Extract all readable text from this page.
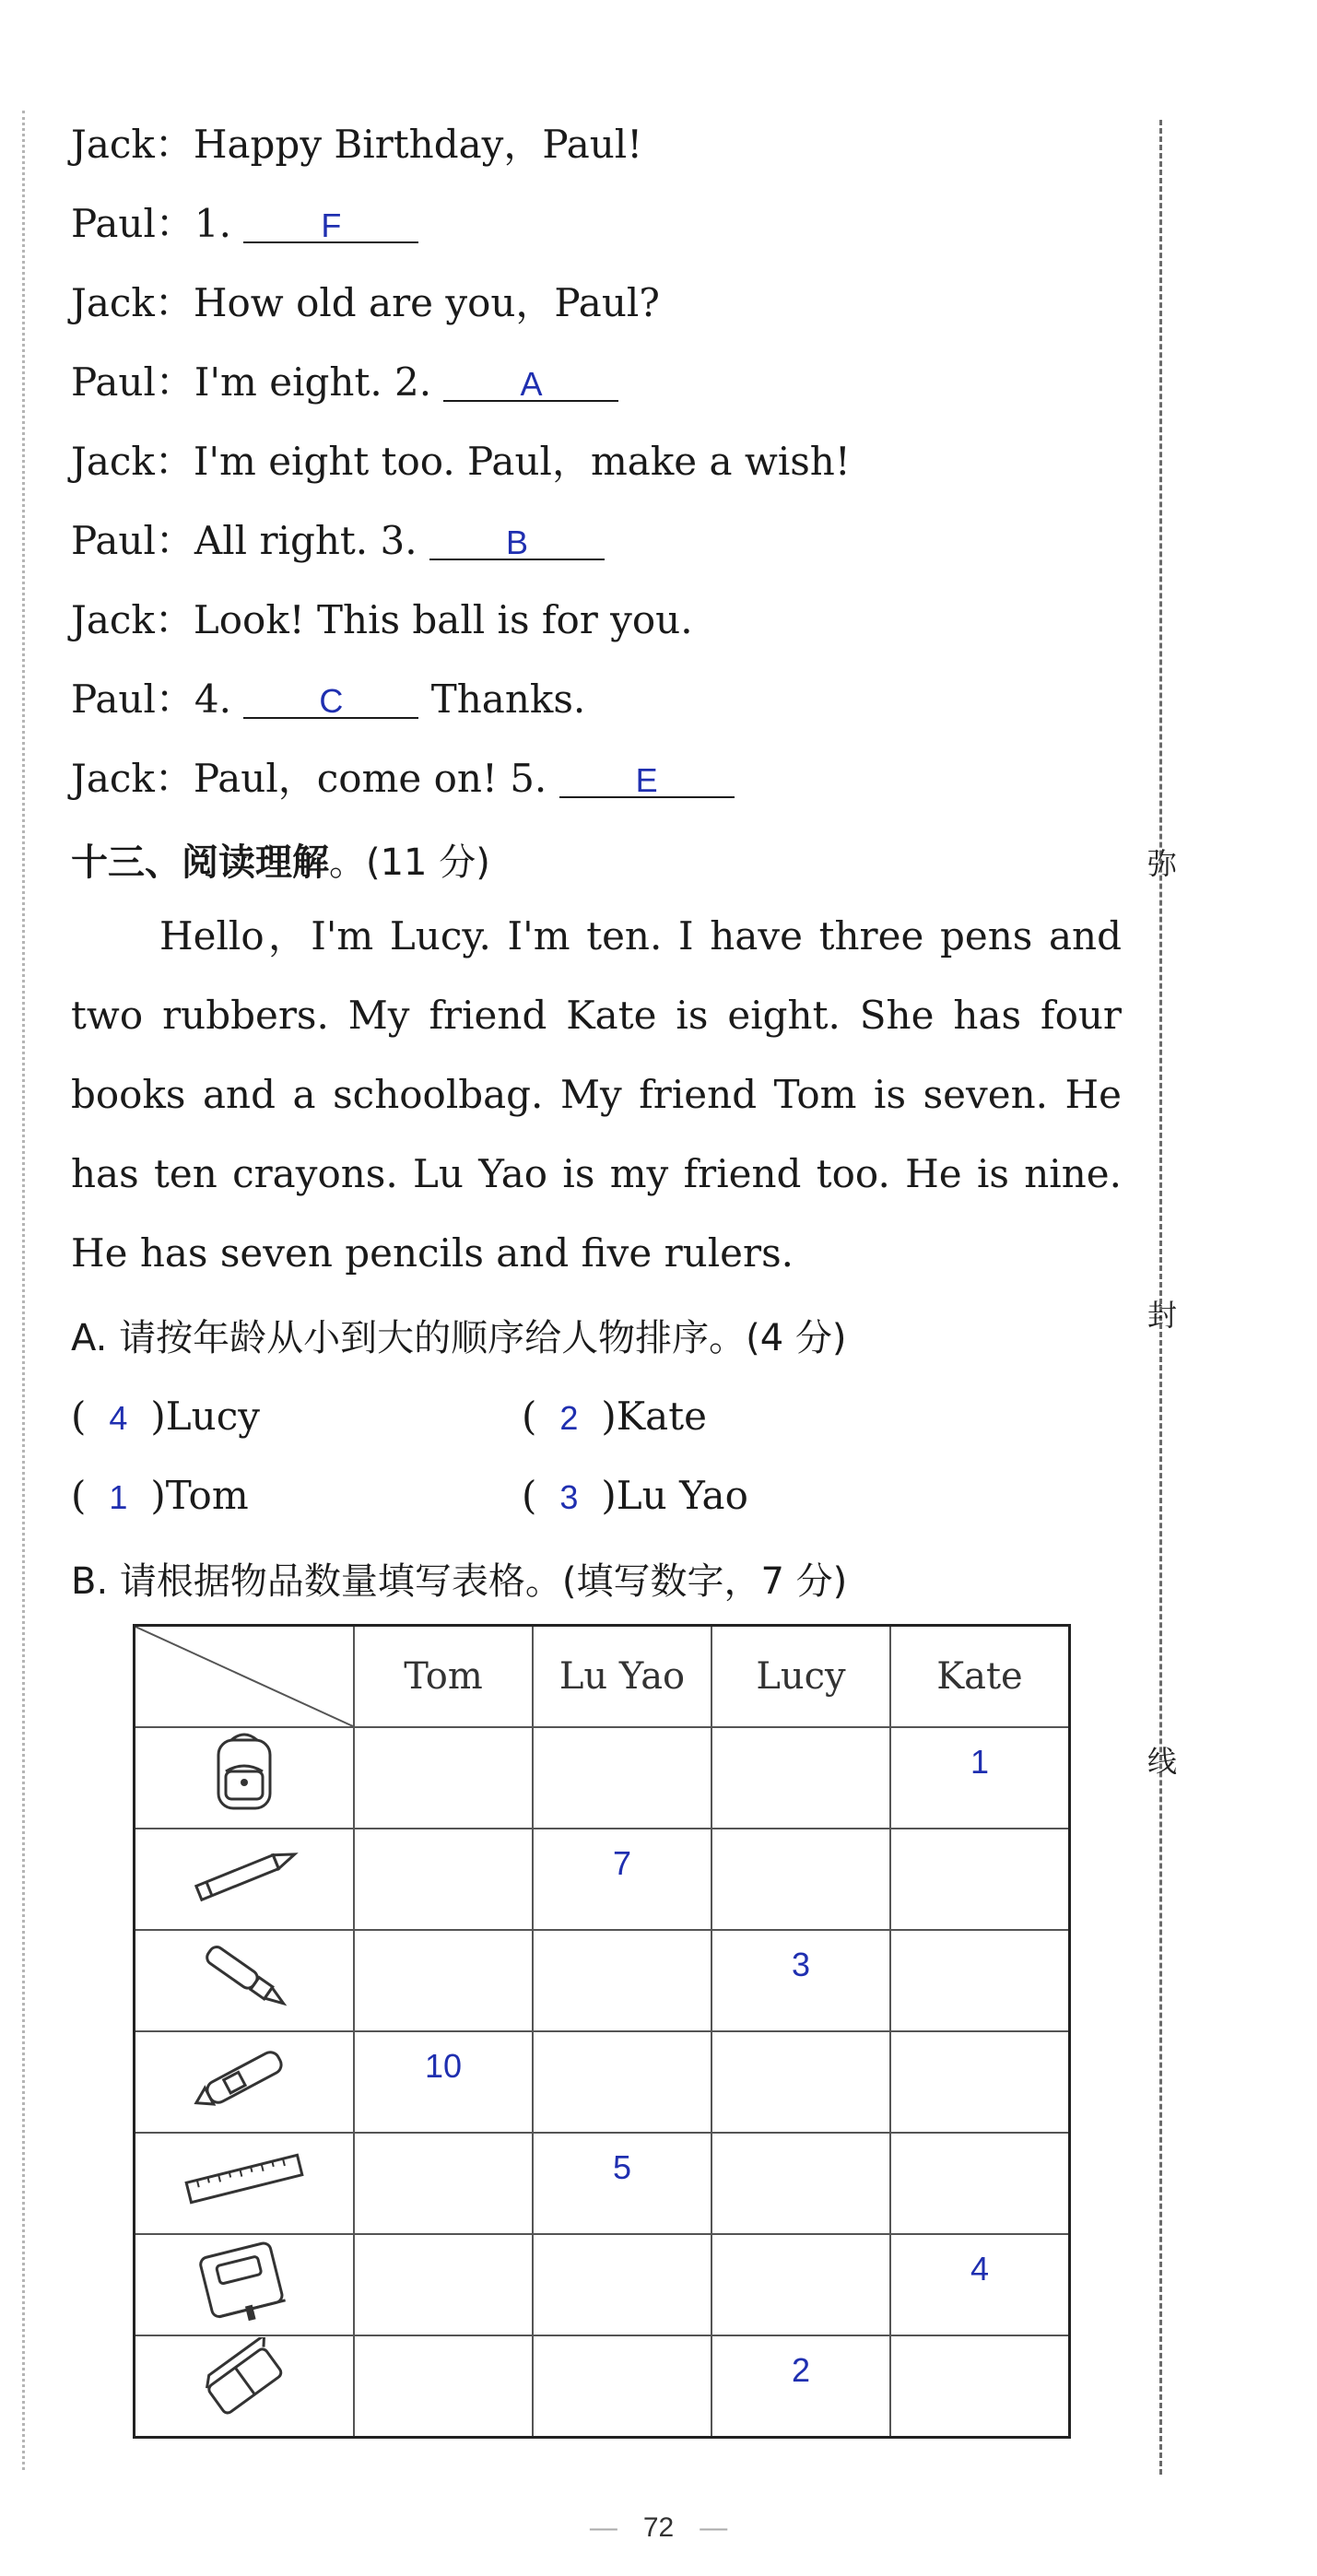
弥
封
线
Jack：Happy Birthday，Paul!
Paul：1.	F
Jack：How old are you，Paul?
Paul：I'm eight. 2.	A
Jack：I'm eight too. Paul，make a wish!
Paul：All right. 3.	B
Jack：Look! This ball is for you.
Paul：4.	C Thanks.
Jack：Paul，come on! 5.	E
十三、阅读理解。(11 分)
Hello，I'm Lucy. I'm ten. I have three pens and
two rubbers. My friend Kate is eight. She has four
books and a schoolbag. My friend Tom is seven. He
has ten crayons. Lu Yao is my friend too. He is nine.
He has seven pencils and five rulers.
A. 请按年龄从小到大的顺序给人物排序。(4 分)
( 4 )Lucy	( 2 )Kate
( 1 )Tom	( 3 )Lu Yao
B. 请根据物品数量填写表格。(填写数字，7 分)
	Tom	Lu Yao	Lucy	Kate
				1
		7		
			3	
	10			
		5		
				4
			2	
— 72 —
